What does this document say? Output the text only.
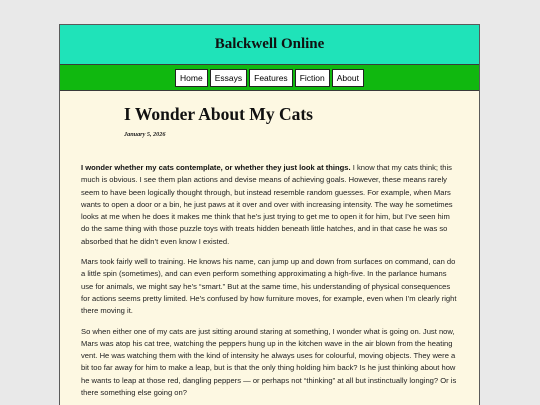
Balckwell Online
Home	Essays	Features	Fiction	About
I Wonder About My Cats
January 5, 2026

I wonder whether my cats contemplate, or whether they just look at things. I know that my cats think; this much is obvious. I see them plan actions and devise means of achieving goals. However, these means rarely seem to have been logically thought through, but instead resemble random guesses. For example, when Mars wants to open a door or a bin, he just paws at it over and over with increasing intensity. The way he sometimes looks at me when he does it makes me think that he’s just trying to get me to open it for him, but I’ve seen him do the same thing with those puzzle toys with treats hidden beneath little hatches, and in that case he was so absorbed that he didn’t even know I existed.

Mars took fairly well to training. He knows his name, can jump up and down from surfaces on command, can do a little spin (sometimes), and can even perform something approximating a high-five. In the parlance humans use for animals, we might say he’s “smart.” But at the same time, his understanding of physical consequences for actions seems pretty limited. He’s confused by how furniture moves, for example, even when I’m clearly right there moving it.

So when either one of my cats are just sitting around staring at something, I wonder what is going on. Just now, Mars was atop his cat tree, watching the peppers hung up in the kitchen wave in the air blown from the heating vent. He was watching them with the kind of intensity he always uses for colourful, moving objects. They were a bit too far away for him to make a leap, but is that the only thing holding him back? Is he just thinking about how he wants to leap at those red, dangling peppers — or perhaps not “thinking” at all but instinctually longing? Or is there something else going on?
